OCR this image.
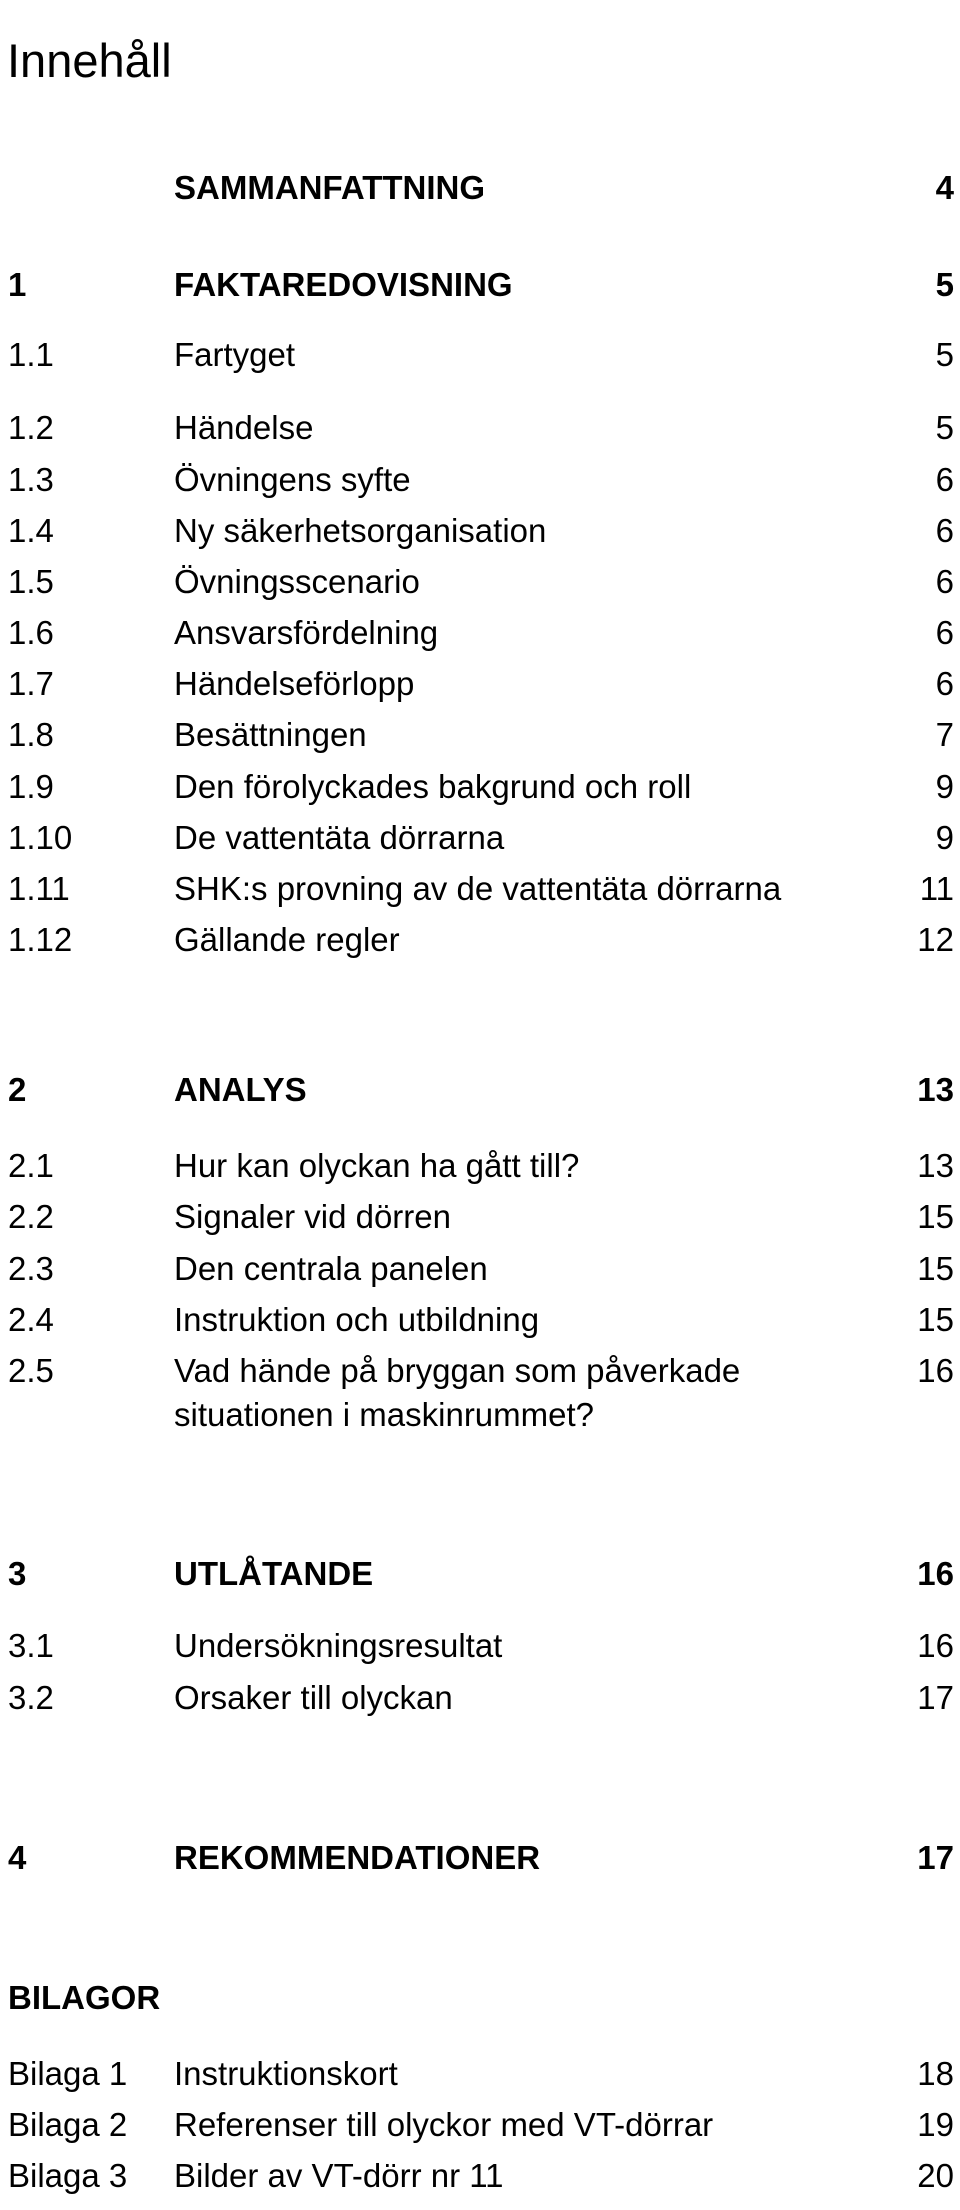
Innehåll
SAMMANFATTNING	4
1	FAKTAREDOVISNING	5
1.1	Fartyget	5
1.2	Händelse	5
1.3	Övningens syfte	6
1.4	Ny säkerhetsorganisation	6
1.5	Övningsscenario	6
1.6	Ansvarsfördelning	6
1.7	Händelseförlopp	6
1.8	Besättningen	7
1.9	Den förolyckades bakgrund och roll	9
1.10	De vattentäta dörrarna	9
1.11	SHK:s provning av de vattentäta dörrarna	11
1.12	Gällande regler	12
2	ANALYS	13
2.1	Hur kan olyckan ha gått till?	13
2.2	Signaler vid dörren	15
2.3	Den centrala panelen	15
2.4	Instruktion och utbildning	15
2.5	Vad hände på bryggan som påverkade	16
situationen i maskinrummet?
3	UTLÅTANDE	16
3.1	Undersökningsresultat	16
3.2	Orsaker till olyckan	17
4	REKOMMENDATIONER	17
BILAGOR
Bilaga 1 Instruktionskort	18
Bilaga 2 Referenser till olyckor med VT-dörrar	19
Bilaga 3 Bilder av VT-dörr nr 11	20
